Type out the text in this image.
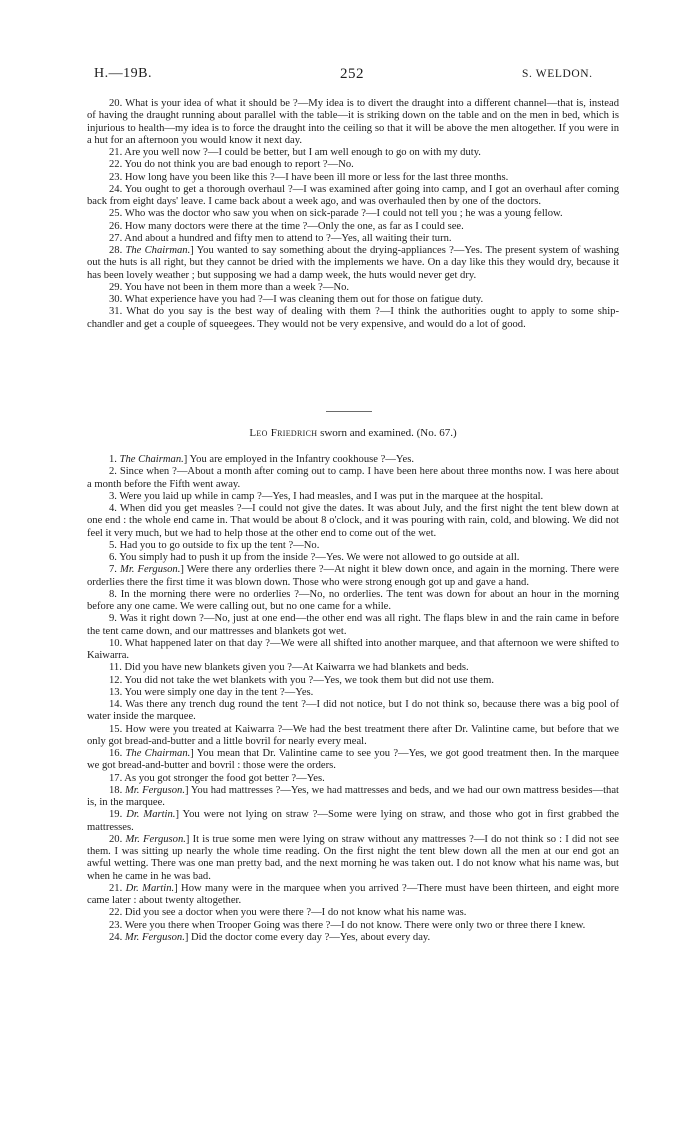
H.—19B.	252	S. WELDON.

20. What is your idea of what it should be ?—My idea is to divert the draught into a different channel—that is, instead of having the draught running about parallel with the table—it is striking down on the table and on the men in bed, which is injurious to health—my idea is to force the draught into the ceiling so that it will be above the men altogether. If you were in a hut for an afternoon you would know it next day.

21. Are you well now ?—I could be better, but I am well enough to go on with my duty.

22. You do not think you are bad enough to report ?—No.

23. How long have you been like this ?—I have been ill more or less for the last three months.

24. You ought to get a thorough overhaul ?—I was examined after going into camp, and I got an overhaul after coming back from eight days' leave. I came back about a week ago, and was overhauled then by one of the doctors.

25. Who was the doctor who saw you when on sick-parade ?—I could not tell you ; he was a young fellow.

26. How many doctors were there at the time ?—Only the one, as far as I could see.

27. And about a hundred and fifty men to attend to ?—Yes, all waiting their turn.

28. The Chairman.] You wanted to say something about the drying-appliances ?—Yes. The present system of washing out the huts is all right, but they cannot be dried with the implements we have. On a day like this they would dry, because it has been lovely weather ; but supposing we had a damp week, the huts would never get dry.

29. You have not been in them more than a week ?—No.

30. What experience have you had ?—I was cleaning them out for those on fatigue duty.

31. What do you say is the best way of dealing with them ?—I think the authorities ought to apply to some ship-chandler and get a couple of squeegees. They would not be very expensive, and would do a lot of good.

Leo Friedrich sworn and examined. (No. 67.)

1. The Chairman.] You are employed in the Infantry cookhouse ?—Yes.

2. Since when ?—About a month after coming out to camp. I have been here about three months now. I was here about a month before the Fifth went away.

3. Were you laid up while in camp ?—Yes, I had measles, and I was put in the marquee at the hospital.

4. When did you get measles ?—I could not give the dates. It was about July, and the first night the tent blew down at one end : the whole end came in. That would be about 8 o'clock, and it was pouring with rain, cold, and blowing. We did not feel it very much, but we had to help those at the other end to come out of the wet.

5. Had you to go outside to fix up the tent ?—No.

6. You simply had to push it up from the inside ?—Yes. We were not allowed to go outside at all.

7. Mr. Ferguson.] Were there any orderlies there ?—At night it blew down once, and again in the morning. There were orderlies there the first time it was blown down. Those who were strong enough got up and gave a hand.

8. In the morning there were no orderlies ?—No, no orderlies. The tent was down for about an hour in the morning before any one came. We were calling out, but no one came for a while.

9. Was it right down ?—No, just at one end—the other end was all right. The flaps blew in and the rain came in before the tent came down, and our mattresses and blankets got wet.

10. What happened later on that day ?—We were all shifted into another marquee, and that afternoon we were shifted to Kaiwarra.

11. Did you have new blankets given you ?—At Kaiwarra we had blankets and beds.

12. You did not take the wet blankets with you ?—Yes, we took them but did not use them.

13. You were simply one day in the tent ?—Yes.

14. Was there any trench dug round the tent ?—I did not notice, but I do not think so, because there was a big pool of water inside the marquee.

15. How were you treated at Kaiwarra ?—We had the best treatment there after Dr. Valintine came, but before that we only got bread-and-butter and a little bovril for nearly every meal.

16. The Chairman.] You mean that Dr. Valintine came to see you ?—Yes, we got good treatment then. In the marquee we got bread-and-butter and bovril : those were the orders.

17. As you got stronger the food got better ?—Yes.

18. Mr. Ferguson.] You had mattresses ?—Yes, we had mattresses and beds, and we had our own mattress besides—that is, in the marquee.

19. Dr. Martin.] You were not lying on straw ?—Some were lying on straw, and those who got in first grabbed the mattresses.

20. Mr. Ferguson.] It is true some men were lying on straw without any mattresses ?—I do not think so : I did not see them. I was sitting up nearly the whole time reading. On the first night the tent blew down all the men at our end got an awful wetting. There was one man pretty bad, and the next morning he was taken out. I do not know what his name was, but when he came in he was bad.

21. Dr. Martin.] How many were in the marquee when you arrived ?—There must have been thirteen, and eight more came later : about twenty altogether.

22. Did you see a doctor when you were there ?—I do not know what his name was.

23. Were you there when Trooper Going was there ?—I do not know. There were only two or three there I knew.

24. Mr. Ferguson.] Did the doctor come every day ?—Yes, about every day.
